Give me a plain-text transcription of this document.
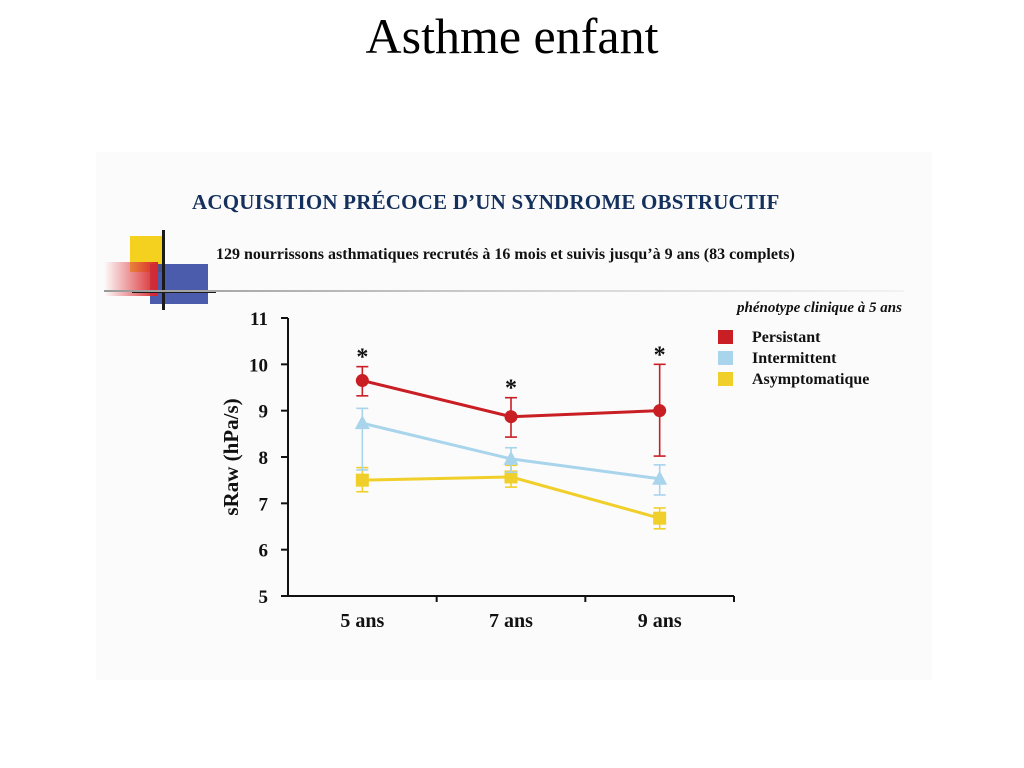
Asthme enfant
ACQUISITION PRÉCOCE D’UN SYNDROME OBSTRUCTIF
129 nourrissons asthmatiques recrutés à 16 mois et suivis jusqu’à 9 ans (83 complets)
5
6
7
8
9
10
11
5 ans	7 ans	9 ans
sRaw (hPa/s)
*
*
*
phénotype clinique à 5 ans
Persistant
Intermittent
Asymptomatique
